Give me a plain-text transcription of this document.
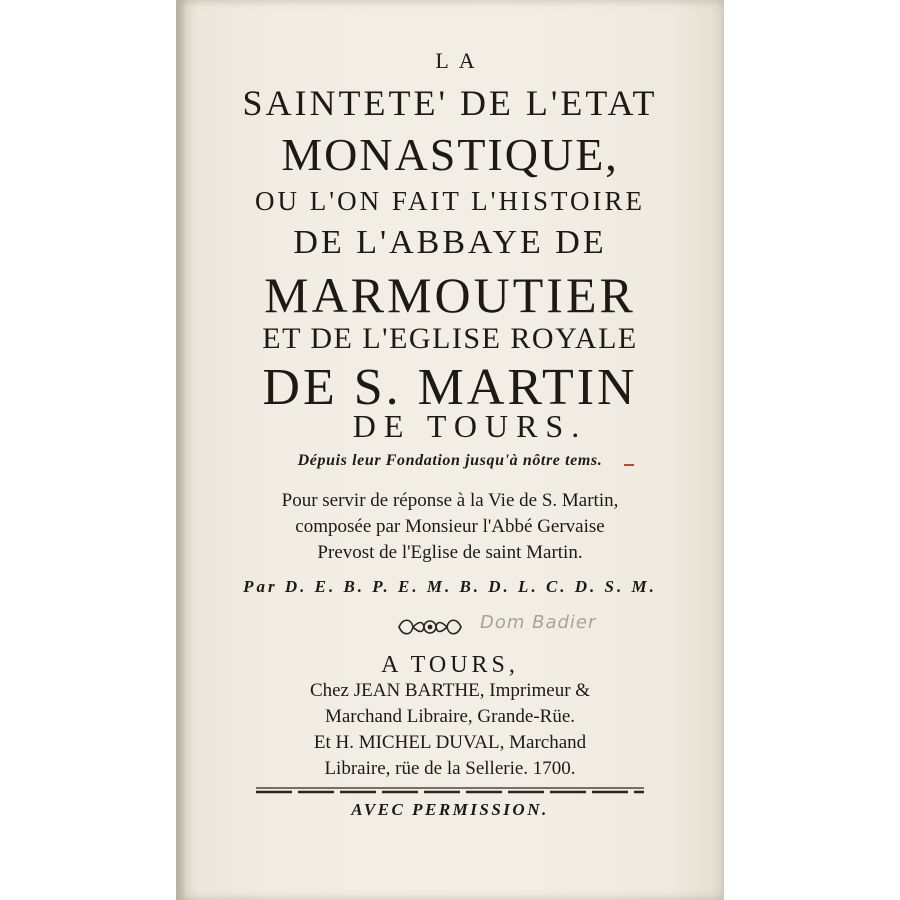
LA
SAINTETE' DE L'ETAT
MONASTIQUE,
OU L'ON FAIT L'HISTOIRE
DE L'ABBAYE DE
MARMOUTIER
ET DE L'EGLISE ROYALE
DE S. MARTIN
DE TOURS.
Dépuis leur Fondation jusqu'à nôtre tems.
Pour servir de réponse à la Vie de S. Martin,
composée par Monsieur l'Abbé Gervaise
Prevost de l'Eglise de saint Martin.
Par D. E. B. P. E. M. B. D. L. C. D. S. M.
Dom Badier
A TOURS,
Chez JEAN BARTHE, Imprimeur &
Marchand Libraire, Grande-Rüe.
Et H. MICHEL DUVAL, Marchand
Libraire, rüe de la Sellerie. 1700.
AVEC PERMISSION.
